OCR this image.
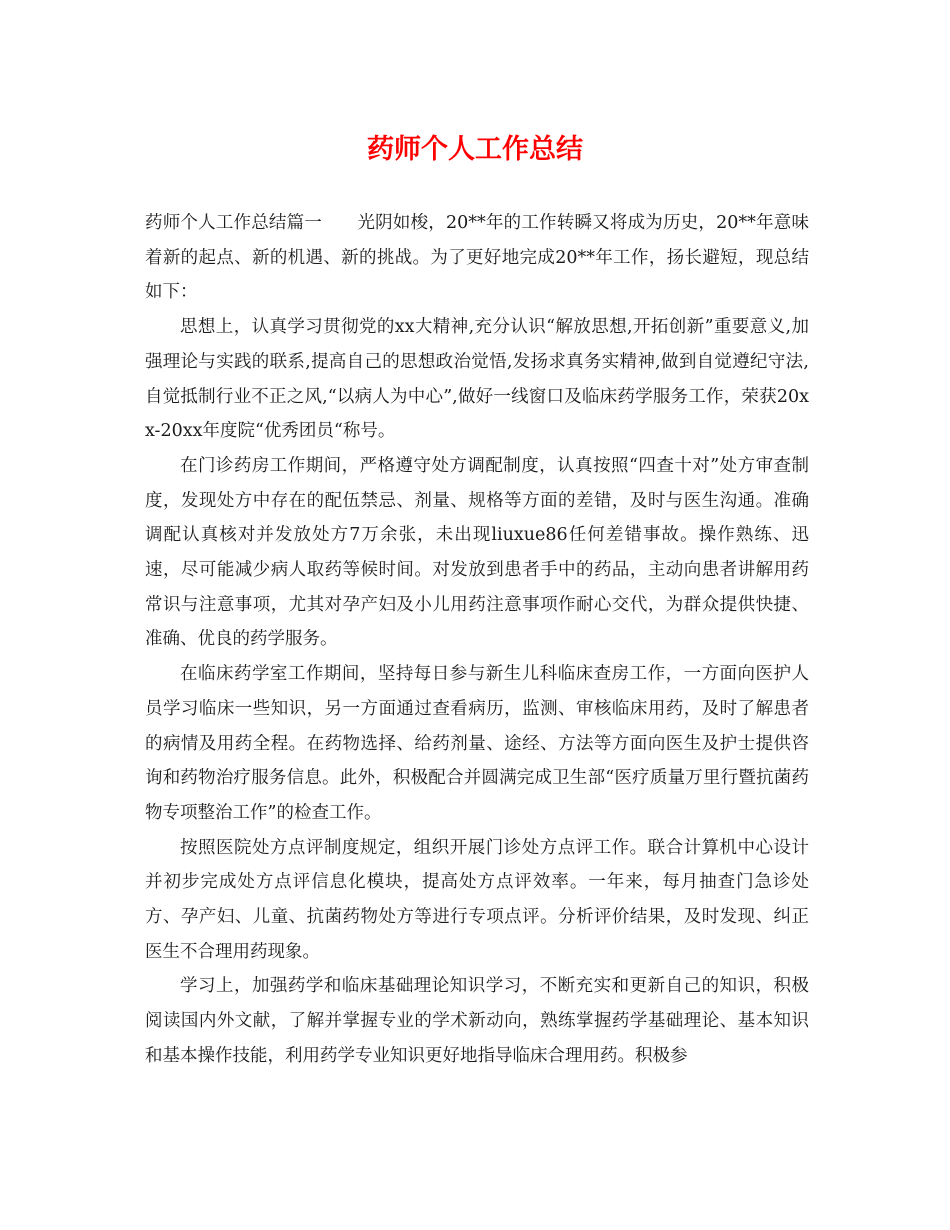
药师个人工作总结

药师个人工作总结篇一　　光阴如梭，20**年的工作转瞬又将成为历史，20**年意味着新的起点、新的机遇、新的挑战。为了更好地完成20**年工作，扬长避短，现总结如下：

思想上，认真学习贯彻党的xx大精神,充分认识“解放思想,开拓创新”重要意义,加强理论与实践的联系,提高自己的思想政治觉悟,发扬求真务实精神,做到自觉遵纪守法,自觉抵制行业不正之风,“以病人为中心”,做好一线窗口及临床药学服务工作，荣获20xx-20xx年度院“优秀团员“称号。

在门诊药房工作期间，严格遵守处方调配制度，认真按照“四查十对”处方审查制度，发现处方中存在的配伍禁忌、剂量、规格等方面的差错，及时与医生沟通。准确调配认真核对并发放处方7万余张，未出现liuxue86任何差错事故。操作熟练、迅速，尽可能减少病人取药等候时间。对发放到患者手中的药品，主动向患者讲解用药常识与注意事项，尤其对孕产妇及小儿用药注意事项作耐心交代，为群众提供快捷、准确、优良的药学服务。

在临床药学室工作期间，坚持每日参与新生儿科临床查房工作，一方面向医护人员学习临床一些知识，另一方面通过查看病历，监测、审核临床用药，及时了解患者的病情及用药全程。在药物选择、给药剂量、途经、方法等方面向医生及护士提供咨询和药物治疗服务信息。此外，积极配合并圆满完成卫生部“医疗质量万里行暨抗菌药物专项整治工作”的检查工作。

按照医院处方点评制度规定，组织开展门诊处方点评工作。联合计算机中心设计并初步完成处方点评信息化模块，提高处方点评效率。一年来，每月抽查门急诊处方、孕产妇、儿童、抗菌药物处方等进行专项点评。分析评价结果，及时发现、纠正医生不合理用药现象。

学习上，加强药学和临床基础理论知识学习，不断充实和更新自己的知识，积极阅读国内外文献，了解并掌握专业的学术新动向，熟练掌握药学基础理论、基本知识和基本操作技能，利用药学专业知识更好地指导临床合理用药。积极参
